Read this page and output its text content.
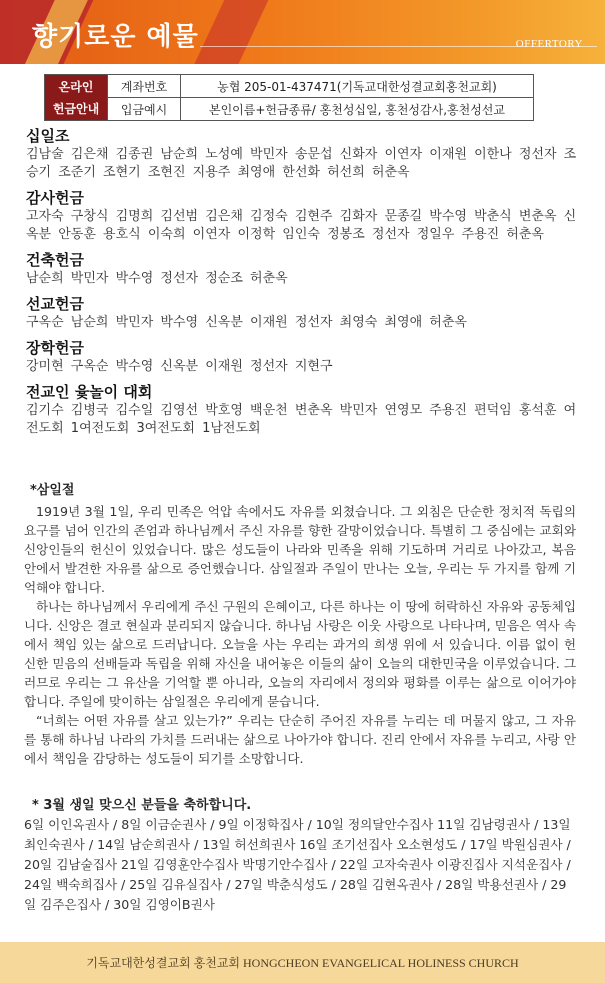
향기로운 예물	OFFERTORY
온라인
헌금안내	계좌번호	농협 205-01-437471(기독교대한성결교회홍천교회)
	입금예시	본인이름+헌금종류/ 홍천성십일, 홍천성감사,홍천성선교

십일조

김남술 김은채 김종권 남순희 노성예 박민자 송문섭 신화자 이연자 이재원 이한나 정선자 조승기 조준기 조현기 조현진 지용주 최영애 한선화 허선희 허춘옥

감사헌금

고자숙 구창식 김명희 김선범 김은채 김정숙 김현주 김화자 문종길 박수영 박춘식 변춘옥 신옥분 안동훈 용호식 이숙희 이연자 이정학 임인숙 정봉조 정선자 정일우 주용진 허춘옥

건축헌금

남순희 박민자 박수영 정선자 정순조 허춘옥

선교헌금

구옥순 남순희 박민자 박수영 신옥분 이재원 정선자 최영숙 최영애 허춘옥

장학헌금

강미현 구옥순 박수영 신옥분 이재원 정선자 지현구

전교인 윷놀이 대회

김기수 김병국 김수일 김영선 박호영 백운천 변춘옥 박민자 연영모 주용진 편덕임 홍석훈 여전도회 1여전도회 3여전도회 1남전도회

*삼일절

1919년 3월 1일, 우리 민족은 억압 속에서도 자유를 외쳤습니다. 그 외침은 단순한 정치적 독립의 요구를 넘어 인간의 존엄과 하나님께서 주신 자유를 향한 갈망이었습니다. 특별히 그 중심에는 교회와 신앙인들의 헌신이 있었습니다. 많은 성도들이 나라와 민족을 위해 기도하며 거리로 나아갔고, 복음 안에서 발견한 자유를 삶으로 증언했습니다. 삼일절과 주일이 만나는 오늘, 우리는 두 가지를 함께 기억해야 합니다.

하나는 하나님께서 우리에게 주신 구원의 은혜이고, 다른 하나는 이 땅에 허락하신 자유와 공동체입니다. 신앙은 결코 현실과 분리되지 않습니다. 하나님 사랑은 이웃 사랑으로 나타나며, 믿음은 역사 속에서 책임 있는 삶으로 드러납니다. 오늘을 사는 우리는 과거의 희생 위에 서 있습니다. 이름 없이 헌신한 믿음의 선배들과 독립을 위해 자신을 내어놓은 이들의 삶이 오늘의 대한민국을 이루었습니다. 그러므로 우리는 그 유산을 기억할 뿐 아니라, 오늘의 자리에서 정의와 평화를 이루는 삶으로 이어가야 합니다. 주일에 맞이하는 삼일절은 우리에게 묻습니다.

“너희는 어떤 자유를 살고 있는가?” 우리는 단순히 주어진 자유를 누리는 데 머물지 않고, 그 자유를 통해 하나님 나라의 가치를 드러내는 삶으로 나아가야 합니다. 진리 안에서 자유를 누리고, 사랑 안에서 책임을 감당하는 성도들이 되기를 소망합니다.

* 3월 생일 맞으신 분들을 축하합니다.

6일 이인옥권사 / 8일 이금순권사 / 9일 이정학집사 / 10일 정의달안수집사 11일 김남령권사 / 13일 최인숙권사 / 14일 남순희권사 / 13일 허선희권사 16일 조기선집사 오소현성도 / 17일 박원심권사 / 20일 김남술집사 21일 김영훈안수집사 박명기안수집사 / 22일 고자숙권사 이광진집사 지석운집사 / 24일 백숙희집사 / 25일 김유실집사 / 27일 박춘식성도 / 28일 김현옥권사 / 28일 박용선권사 / 29일 김주은집사 / 30일 김영이B권사

기독교대한성결교회 홍천교회 HONGCHEON EVANGELICAL HOLINESS CHURCH
